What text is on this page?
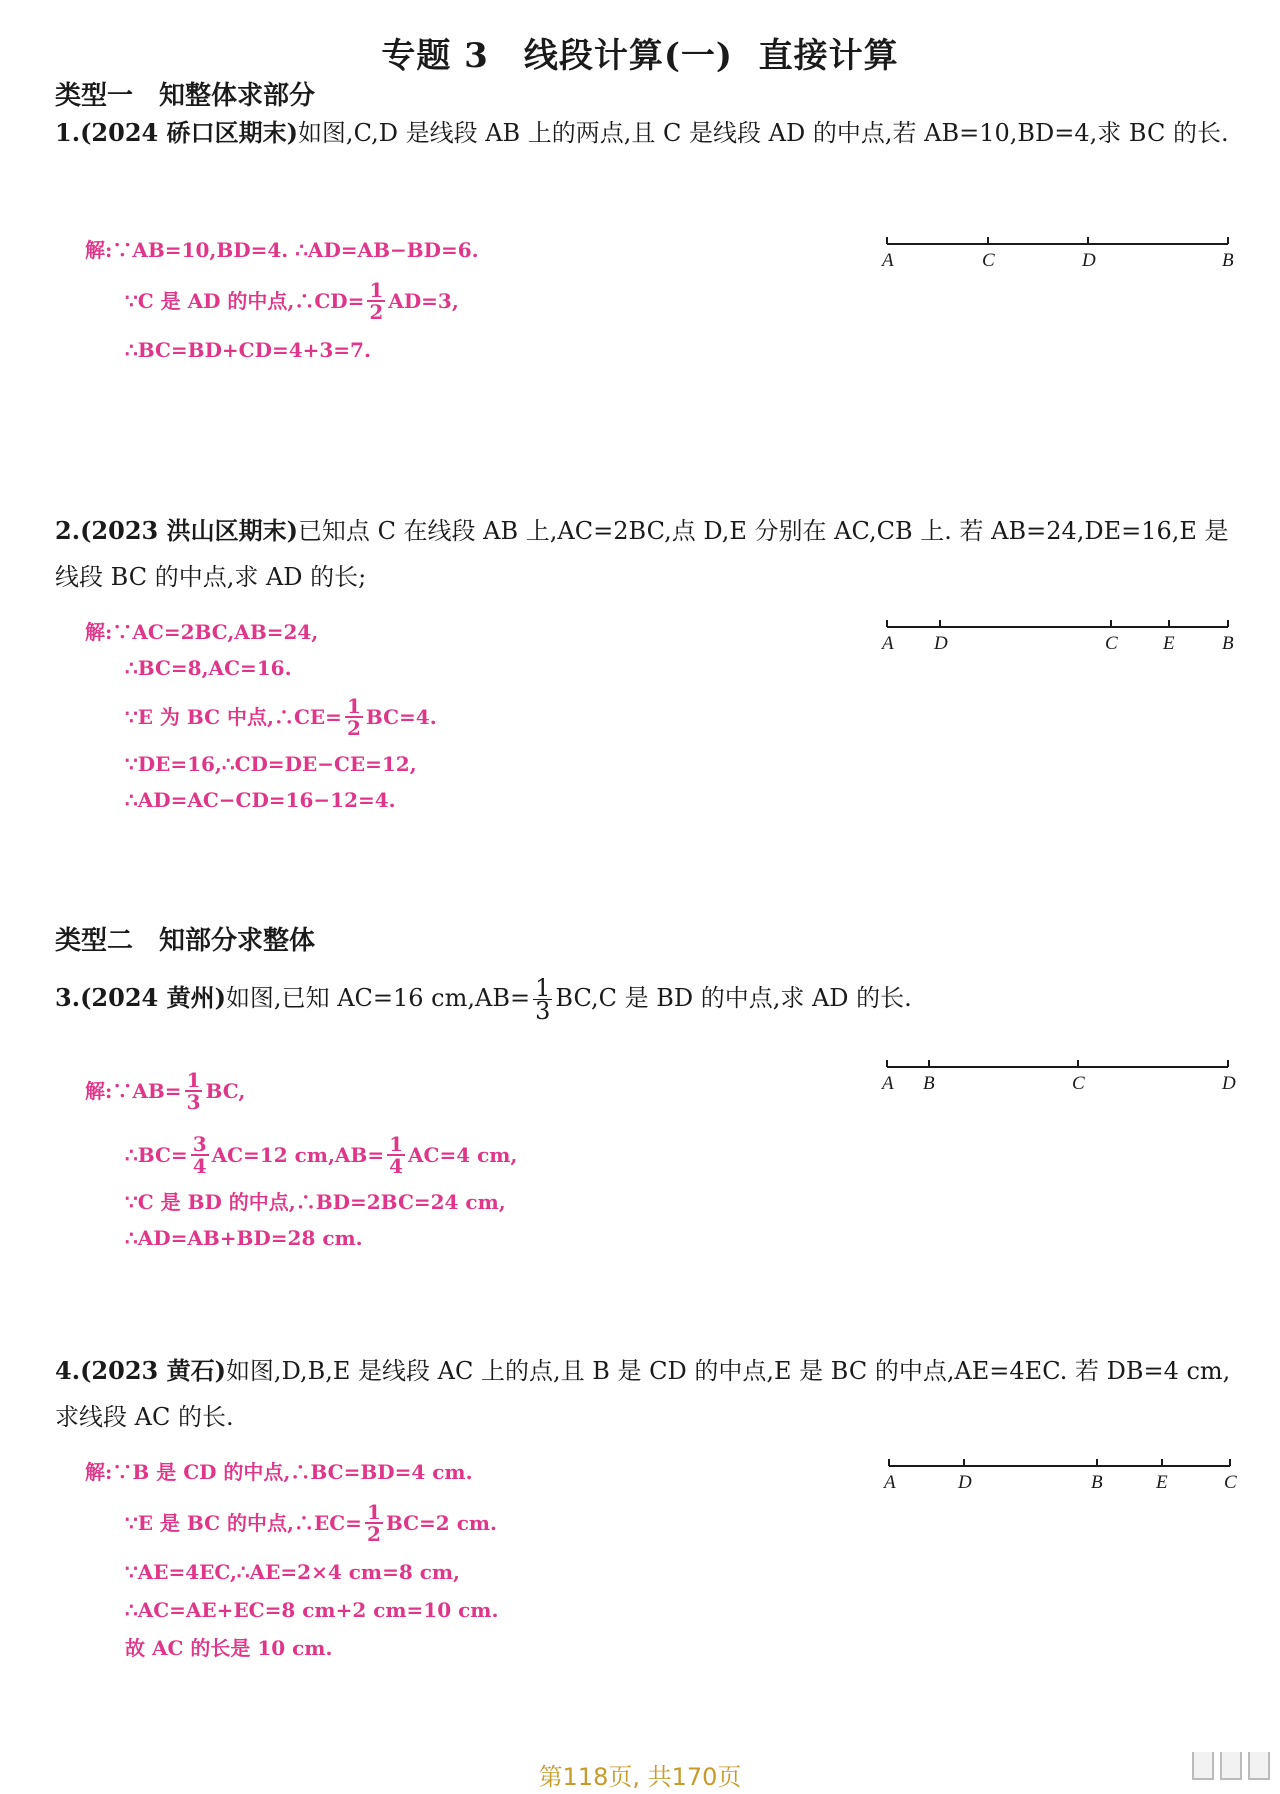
专题 3　线段计算(一)  直接计算
类型一　知整体求部分
1.(2024 硚口区期末)如图,C,D 是线段 AB 上的两点,且 C 是线段 AD 的中点,若 AB=10,BD=4,求 BC 的长.
A	C	D	B
解:∵AB=10,BD=4. ∴AD=AB−BD=6.
∵C 是 AD 的中点,∴CD= $\frac{1}{2} AD=3$,
∴BC=BD+CD=4+3=7.
2.(2023 洪山区期末)已知点 C 在线段 AB 上,AC=2BC,点 D,E 分别在 AC,CB 上. 若 AB=24,DE=16,E 是线段 BC 的中点,求 AD 的长;
A D	C E B
解:∵AC=2BC,AB=24,
∴BC=8,AC=16.
∵E 为 BC 中点,∴CE= $\frac{1}{2} BC=4$.
∵DE=16,∴CD=DE−CE=12,
∴AD=AC−CD=16−12=4.
类型二　知部分求整体
3.(2024 黄州)如图,已知 AC=16 $cm,AB= \frac{1}{3} BC,C$ 是 BD 的中点,求 AD 的长.
A B	C	D
解:∵AB= $\frac{1}{3}$ BC,
∴BC= $\frac{3}{4} AC=12$ $cm,AB= \frac{1}{4} AC=4$ cm,
∵C 是 BD 的中点,∴BD=2BC=24 cm,
∴AD=AB+BD=28 cm.
4.(2023 黄石)如图,D,B,E 是线段 AC 上的点,且 B 是 CD 的中点,E 是 BC 的中点,AE=4EC. 若 DB=4 cm,求线段 AC 的长.
A	D	B	E	C
解:∵B 是 CD 的中点,∴BC=BD=4 cm.
∵E 是 BC 的中点,∴EC= $\frac{1}{2} BC=2$ cm.
∵AE=4EC,∴AE=2×4 cm=8 cm,
∴AC=AE+EC=8 cm+2 cm=10 cm.
故 AC 的长是 10 cm.
第118页, 共170页
